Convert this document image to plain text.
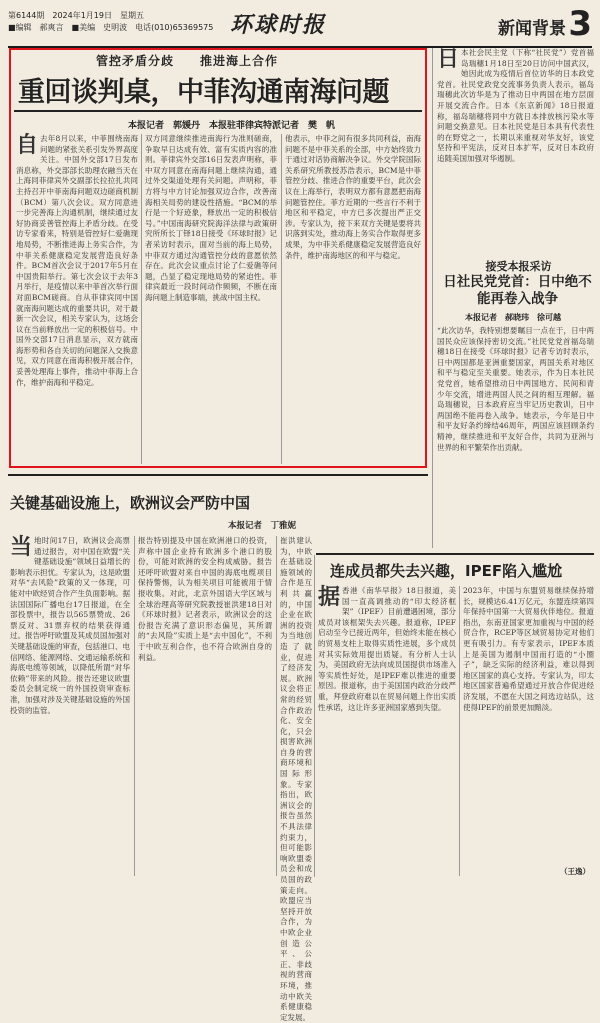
第6144期　2024年1月19日　星期五
■编辑　郝爽言　■美编　史明波　电话(010)65369575 环球时报	新闻背景 3
管控矛盾分歧　　推进海上合作
重回谈判桌，中菲沟通南海问题
本报记者　郭媛丹　本报驻菲律宾特派记者　樊　帆
自去年8月以来，中菲围绕南海问题的紧张关系引发外界高度关注。中国外交部17日发布消息称，外交部部长助理农融当天在上海同菲律宾外交副部长拉拉扎共同主持召开中菲南海问题双边磋商机制（BCM）第八次会议。双方同意进一步完善海上沟通机制，继续通过友好协商妥善管控海上矛盾分歧。在受访专家看来，特别是管控好仁爱礁现地局势，不断推进海上务实合作，为中菲关系健康稳定发展营造良好条件。BCM首次会议于2017年5月在中国贵阳举行。第七次会议于去年3月举行，是疫情以来中菲首次举行面对面BCM磋商。自从菲律宾同中国就南海问题达成的重要共识，对于最新一次会议，相关专家认为，这场会议在当前释放出一定的积极信号。中国外交部17日消息显示，双方就南海形势和各自关切的问题深入交换意见，双方同意在南海积极开展合作，妥善处理海上事件，推动中菲海上合作，维护南海和平稳定。
双方同意继续推进南海行为准则磋商，争取早日达成有效、富有实质内容的准则。菲律宾外交部16日发表声明称，菲中双方同意在南海问题上继续沟通，通过外交渠道处理有关问题。声明称，菲方将与中方讨论加强双边合作，改善南海相关局势的建设性措施。“BCM的举行是一个好迹象，释放出一定的积极信号。”中国南海研究院海洋法律与政策研究所所长丁铎18日接受《环球时报》记者采访时表示，面对当前的海上局势，中菲双方通过沟通管控分歧的意愿依然存在。此次会议重点讨论了仁爱礁等问题，凸显了稳定现地局势的紧迫性。菲律宾最近一段时间动作频频，不断在南海问题上制造事端，挑战中国主权。
他表示，中菲之间有很多共同利益，南海问题不是中菲关系的全部，中方始终致力于通过对话协商解决争议。外交学院国际关系研究所教授苏浩表示，BCM是中菲管控分歧、推进合作的重要平台，此次会议在上海举行，表明双方都有意愿把南海问题管控住。菲方近期的一些言行不利于地区和平稳定，中方已多次提出严正交涉。专家认为，接下来双方关键是要将共识落到实处，推动海上务实合作取得更多成果，为中菲关系健康稳定发展营造良好条件，维护南海地区的和平与稳定。
日本社会民主党（下称“社民党”）党首福岛瑞穗1月18日至20日访问中国武汉，她因此成为疫情后首位访华的日本政党党首。社民党政党交流事务负责人表示，福岛瑞穗此次访华是为了推动日中两国在地方层面开展交流合作。日本《东京新闻》18日报道称，福岛瑞穗将同中方就日本排放核污染水等问题交换意见。日本社民党是日本具有代表性的在野党之一，长期以来重视对华友好，该党坚持和平宪法，反对日本扩军，反对日本政府追随美国加强对华遏制。
接受本报采访
日社民党党首：日中绝不能再卷入战争
本报记者　郝晓玮　徐可越
“此次访华，我特别想要瞩目一点在于，日中两国民众应该保持密切交流。”社民党党首福岛瑞穗18日在接受《环球时报》记者专访时表示，日中两国都是亚洲重要国家，两国关系对地区和平与稳定至关重要。她表示，作为日本社民党党首，她希望推动日中两国地方、民间和青少年交流，增进两国人民之间的相互理解。福岛瑞穗说，日本政府应当牢记历史教训，日中两国绝不能再卷入战争。她表示，今年是日中和平友好条约缔结46周年，两国应该回顾条约精神，继续推进和平友好合作，共同为亚洲与世界的和平繁荣作出贡献。
关键基础设施上，欧洲议会严防中国
本报记者　丁雅妮
当地时间17日，欧洲议会高票通过报告，对中国在欧盟“关键基础设施”领域日益增长的影响表示担忧。专家认为，这是欧盟对华“去风险”政策的又一体现，可能对中欧经贸合作产生负面影响。据法国国际广播电台17日报道，在全部投票中，报告以565票赞成、26票反对、31票弃权的结果获得通过。报告呼吁欧盟及其成员国加强对关键基础设施的审查，包括港口、电信网络、能源网络、交通运输系统和海底电缆等领域，以降低所谓“对华依赖”带来的风险。报告还建议欧盟委员会制定统一的外国投资审查标准，加强对涉及关键基础设施的外国投资的监管。
报告特别提及中国在欧洲港口的投资，声称中国企业持有欧洲多个港口的股份，可能对欧洲的安全构成威胁。报告还呼吁欧盟对来自中国的海底电缆项目保持警惕，认为相关项目可能被用于情报收集。对此，北京外国语大学区域与全球治理高等研究院教授崔洪建18日对《环球时报》记者表示，欧洲议会的这份报告充满了意识形态偏见，其所谓的“去风险”实质上是“去中国化”，不利于中欧互利合作，也不符合欧洲自身的利益。
崔洪建认为，中欧在基础设施领域的合作是互利共赢的，中国企业在欧洲的投资为当地创造了就业，促进了经济发展。欧洲议会将正常的经贸合作政治化、安全化，只会损害欧洲自身的营商环境和国际形象。专家指出，欧洲议会的报告虽然不具法律约束力，但可能影响欧盟委员会和成员国的政策走向。欧盟应当坚持开放合作，为中欧企业创造公平、公正、非歧视的营商环境，推动中欧关系健康稳定发展。
连成员都失去兴趣，IPEF陷入尴尬
据香港《南华早报》18日报道，美国一直高调推动的“印太经济框架”（IPEF）目前遭遇困境，部分成员对该框架失去兴趣。报道称，IPEF启动至今已接近两年，但始终未能在核心的贸易支柱上取得实质性进展，多个成员对其实际效用提出质疑。有分析人士认为，美国政府无法向成员国提供市场准入等实质性好处，是IPEF难以推进的重要原因。报道称，由于美国国内政治分歧严重，拜登政府难以在贸易问题上作出实质性承诺，这让许多亚洲国家感到失望。
2023年，中国与东盟贸易继续保持增长，规模达6.41万亿元，东盟连续第四年保持中国第一大贸易伙伴地位。报道指出，东南亚国家更加重视与中国的经贸合作，RCEP等区域贸易协定对他们更有吸引力。有专家表示，IPEF本质上是美国为遏制中国而打造的“小圈子”，缺乏实际的经济利益，难以得到地区国家的真心支持。专家认为，印太地区国家普遍希望通过开放合作促进经济发展，不愿在大国之间选边站队，这使得IPEF的前景更加黯淡。
（王逸）
